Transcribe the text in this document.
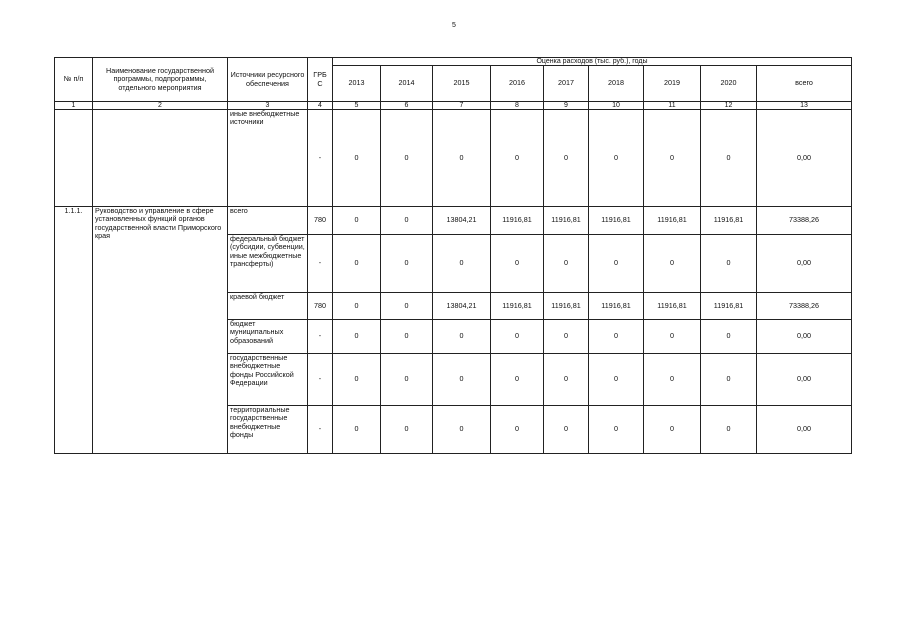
5
№ п/п	Наименование государственной программы, подпрограммы, отдельного мероприятия	Источники ресурсного обеспечения	ГРБ С	Оценка расходов (тыс. руб.), годы								
				2013	2014	2015	2016	2017	2018	2019	2020	всего
1	2	3	4	5	6	7	8	9	10	11	12	13
		иные внебюджетные источники	-	0	0	0	0	0	0	0	0	0,00
1.1.1.	Руководство и управление в сфере установленных функций органов государственной власти Приморского края	всего	780	0	0	13804,21	11916,81	11916,81	11916,81	11916,81	11916,81	73388,26
		федеральный бюджет (субсидии, субвенции, иные межбюджетные трансферты)	-	0	0	0	0	0	0	0	0	0,00
		краевой бюджет	780	0	0	13804,21	11916,81	11916,81	11916,81	11916,81	11916,81	73388,26
		бюджет муниципальных образований	-	0	0	0	0	0	0	0	0	0,00
		государственные внебюджетные фонды Российской Федерации	-	0	0	0	0	0	0	0	0	0,00
		территориальные государственные внебюджетные фонды	-	0	0	0	0	0	0	0	0	0,00
